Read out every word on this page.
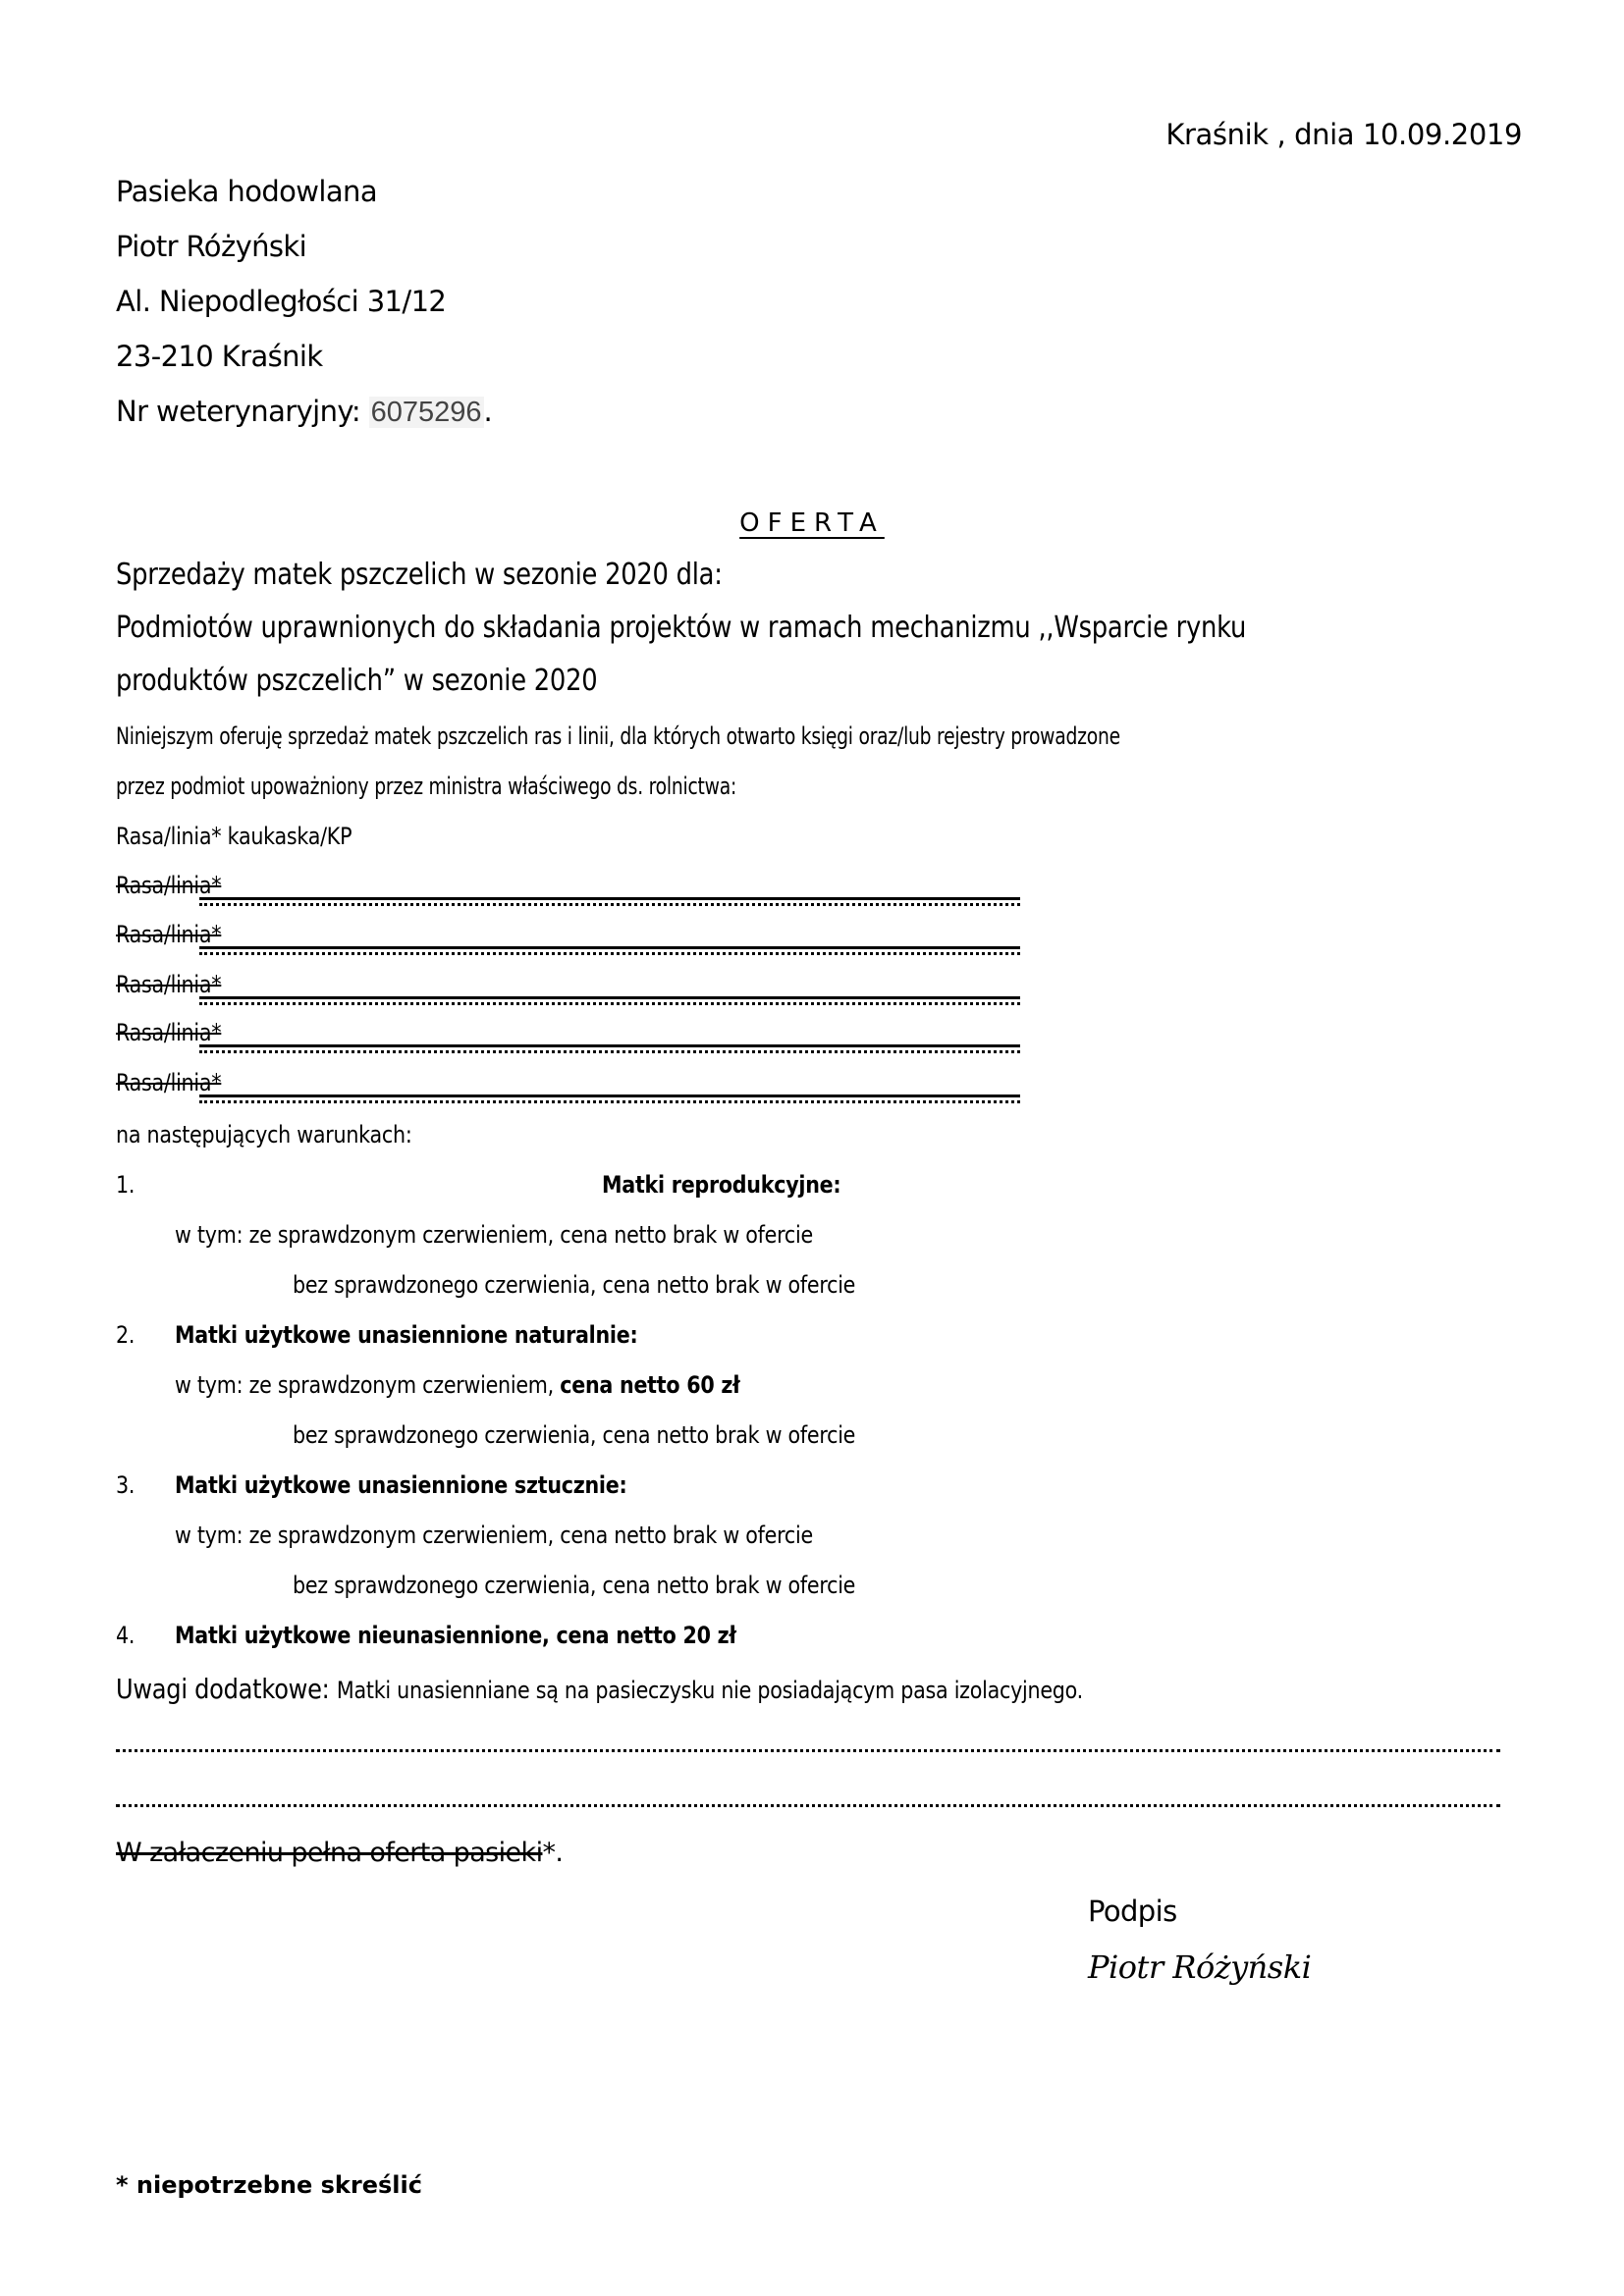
Kraśnik , dnia 10.09.2019
Pasieka hodowlana
Piotr Różyński
Al. Niepodległości 31/12
23-210 Kraśnik
Nr weterynaryjny: 6075296.
OFERTA
Sprzedaży matek pszczelich w sezonie 2020 dla:
Podmiotów uprawnionych do składania projektów w ramach mechanizmu ,,Wsparcie rynku
produktów pszczelich” w sezonie 2020
Niniejszym oferuję sprzedaż matek pszczelich ras i linii, dla których otwarto księgi oraz/lub rejestry prowadzone
przez podmiot upoważniony przez ministra właściwego ds. rolnictwa:
Rasa/linia* kaukaska/KP
Rasa/linia*
Rasa/linia*
Rasa/linia*
Rasa/linia*
Rasa/linia*
na następujących warunkach:
1.	Matki reprodukcyjne:
w tym: ze sprawdzonym czerwieniem, cena netto brak w ofercie
bez sprawdzonego czerwienia, cena netto brak w ofercie
2. Matki użytkowe unasiennione naturalnie:
w tym: ze sprawdzonym czerwieniem, cena netto 60 zł
bez sprawdzonego czerwienia, cena netto brak w ofercie
3. Matki użytkowe unasiennione sztucznie:
w tym: ze sprawdzonym czerwieniem, cena netto brak w ofercie
bez sprawdzonego czerwienia, cena netto brak w ofercie
4. Matki użytkowe nieunasiennione, cena netto 20 zł
Uwagi dodatkowe: Matki unasienniane są na pasieczysku nie posiadającym pasa izolacyjnego.
W załaczeniu pełna oferta pasieki*.
Podpis
Piotr Różyński
* niepotrzebne skreślić
